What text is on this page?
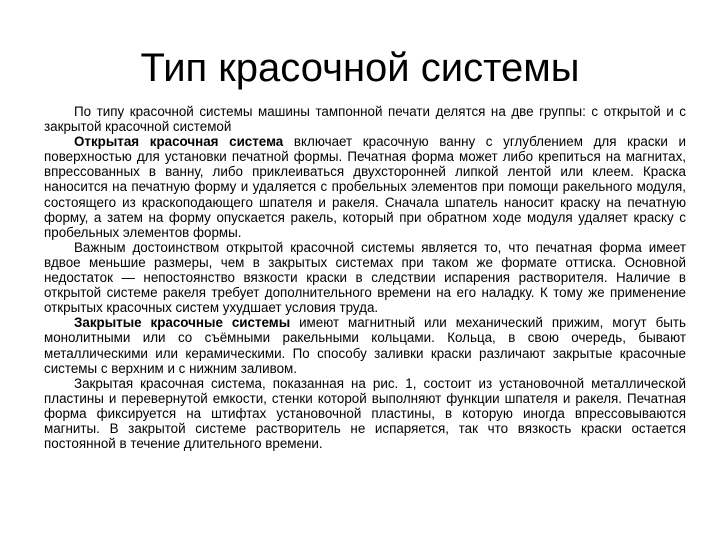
Тип красочной системы

По типу красочной системы машины тампонной печати делятся на две группы: с открытой и с закрытой красочной системой

Открытая красочная система включает красочную ванну с углублением для краски и поверхностью для установки печатной формы. Печатная форма может либо крепиться на магнитах, впрессованных в ванну, либо приклеиваться двухсторонней липкой лентой или клеем. Краска наносится на печатную форму и удаляется с пробельных элементов при помощи ракельного модуля, состоящего из краскоподающего шпателя и ракеля. Сначала шпатель наносит краску на печатную форму, а затем на форму опускается ракель, который при обратном ходе модуля удаляет краску с пробельных элементов формы.

Важным достоинством открытой красочной системы является то, что печатная форма имеет вдвое меньшие размеры, чем в закрытых системах при таком же формате оттиска. Основной недостаток — непостоянство вязкости краски в следствии испарения растворителя. Наличие в открытой системе ракеля требует дополнительного времени на его наладку. К тому же применение открытых красочных систем ухудшает условия труда.

Закрытые красочные системы имеют магнитный или механический прижим, могут быть монолитными или со съёмными ракельными кольцами. Кольца, в свою очередь, бывают металлическими или керамическими. По способу заливки краски различают закрытые красочные системы с верхним и с нижним заливом.

Закрытая красочная система, показанная на рис. 1, состоит из установочной металлической пластины и перевернутой емкости, стенки которой выполняют функции шпателя и ракеля. Печатная форма фиксируется на штифтах установочной пластины, в которую иногда впрессовываются магниты. В закрытой системе растворитель не испаряется, так что вязкость краски остается постоянной в течение длительного времени.
